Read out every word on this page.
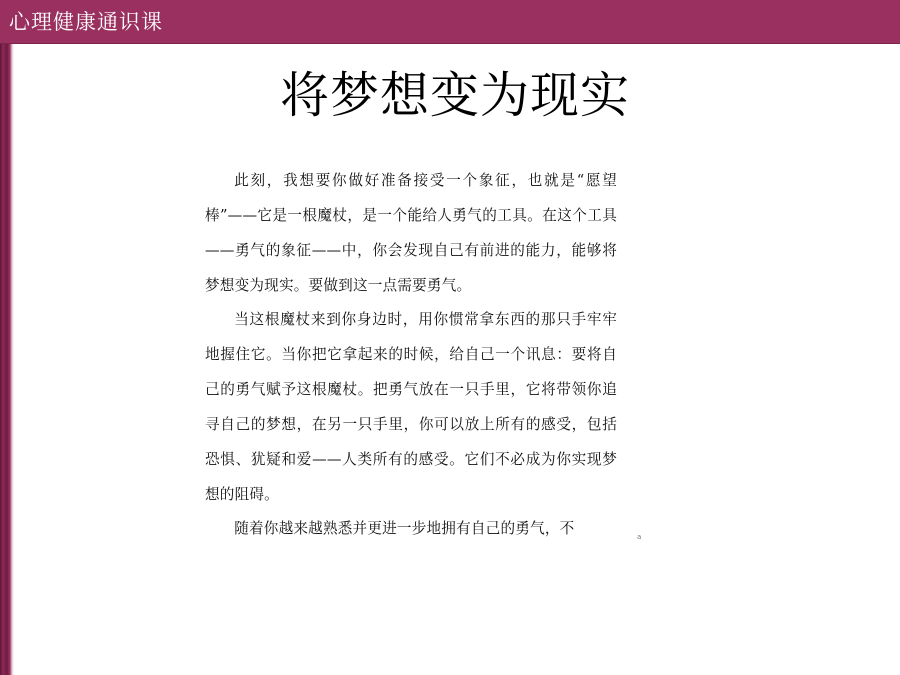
心理健康通识课
将梦想变为现实

此刻，我想要你做好准备接受一个象征，也就是“愿望棒”——它是一根魔杖，是一个能给人勇气的工具。在这个工具——勇气的象征——中，你会发现自己有前进的能力，能够将梦想变为现实。要做到这一点需要勇气。

当这根魔杖来到你身边时，用你惯常拿东西的那只手牢牢地握住它。当你把它拿起来的时候，给自己一个讯息：要将自己的勇气赋予这根魔杖。把勇气放在一只手里，它将带领你追寻自己的梦想，在另一只手里，你可以放上所有的感受，包括恐惧、犹疑和爱——人类所有的感受。它们不必成为你实现梦想的阻碍。

随着你越来越熟悉并更进一步地拥有自己的勇气，不	a
